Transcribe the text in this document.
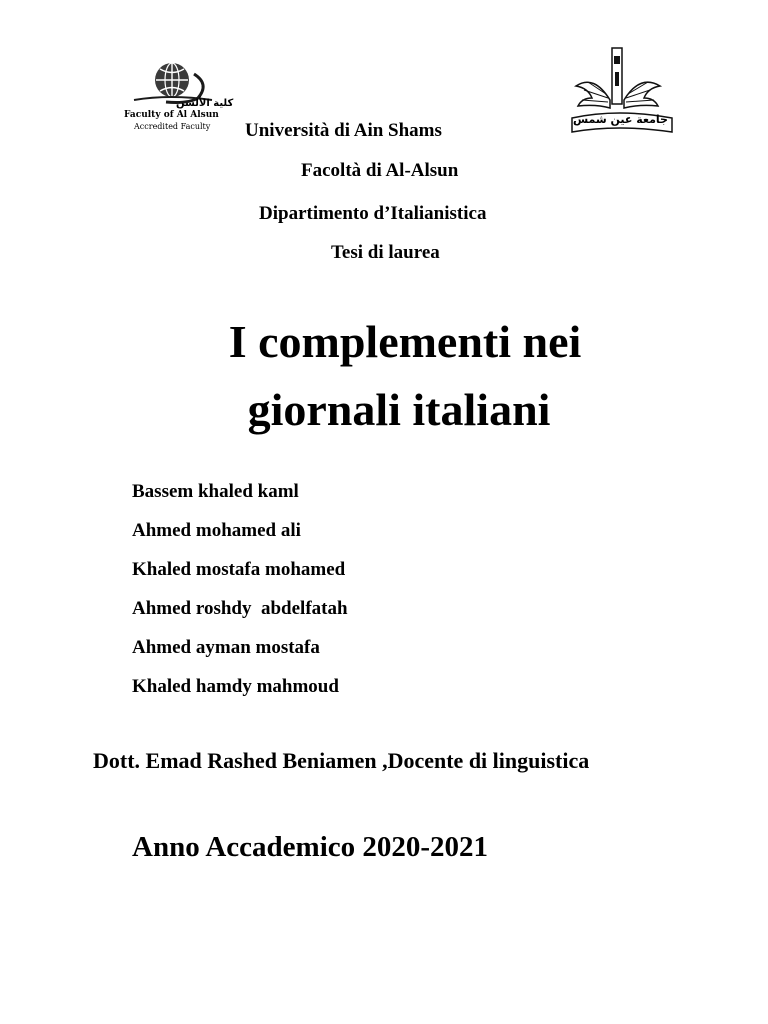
كلية الألسن
Faculty of Al Alsun
Accredited Faculty
جامعة عين شمس
Università di Ain Shams
Facoltà di Al-Alsun
Dipartimento d’Italianistica
Tesi di laurea
I complementi nei
giornali italiani
Bassem khaled kaml
Ahmed mohamed ali
Khaled mostafa mohamed
Ahmed roshdy  abdelfatah
Ahmed ayman mostafa
Khaled hamdy mahmoud
Dott. Emad Rashed Beniamen ,Docente di linguistica
Anno Accademico 2020-2021
